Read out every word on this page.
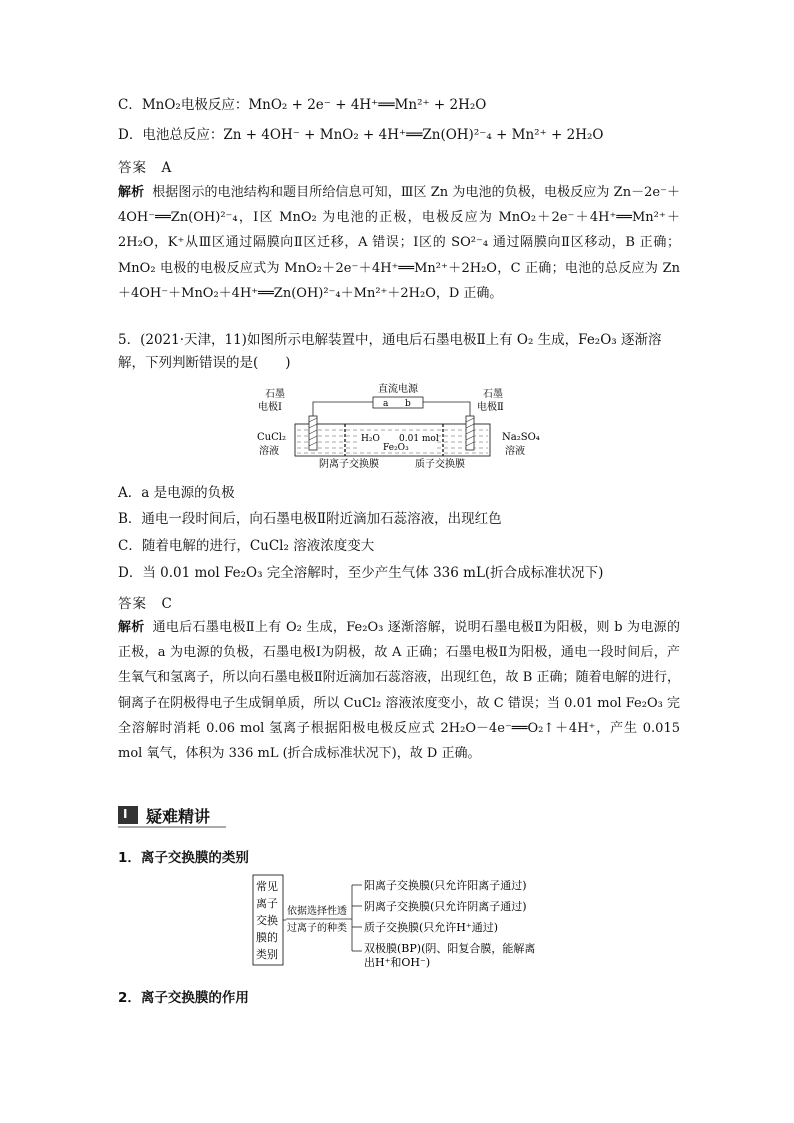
C．MnO₂电极反应：MnO₂ + 2e⁻ + 4H⁺══Mn²⁺ + 2H₂O
D．电池总反应：Zn + 4OH⁻ + MnO₂ + 4H⁺══Zn(OH)²⁻₄ + Mn²⁺ + 2H₂O
答案　A
解析 根据图示的电池结构和题目所给信息可知，Ⅲ区 Zn 为电池的负极，电极反应为 Zn－2e⁻＋4OH⁻══Zn(OH)²⁻₄，Ⅰ区 MnO₂ 为电池的正极，电极反应为 MnO₂＋2e⁻＋4H⁺══Mn²⁺＋2H₂O，K⁺从Ⅲ区通过隔膜向Ⅱ区迁移，A 错误；Ⅰ区的 SO²⁻₄ 通过隔膜向Ⅱ区移动，B 正确；MnO₂ 电极的电极反应式为 MnO₂＋2e⁻＋4H⁺══Mn²⁺＋2H₂O，C 正确；电池的总反应为 Zn＋4OH⁻＋MnO₂＋4H⁺══Zn(OH)²⁻₄＋Mn²⁺＋2H₂O，D 正确。
5．(2021·天津，11)如图所示电解装置中，通电后石墨电极Ⅱ上有 O₂ 生成，Fe₂O₃ 逐渐溶解，下列判断错误的是(　　)
直流电源
a b
石墨
电极Ⅰ
石墨
电极Ⅱ
H₂O 0.01 mol
Fe₂O₃
CuCl₂
溶液
Na₂SO₄
溶液
阴离子交换膜	质子交换膜
A．a 是电源的负极
B．通电一段时间后，向石墨电极Ⅱ附近滴加石蕊溶液，出现红色
C．随着电解的进行，CuCl₂ 溶液浓度变大
D．当 0.01 mol Fe₂O₃ 完全溶解时，至少产生气体 336 mL(折合成标准状况下)
答案　C
解析 通电后石墨电极Ⅱ上有 O₂ 生成，Fe₂O₃ 逐渐溶解，说明石墨电极Ⅱ为阳极，则 b 为电源的正极，a 为电源的负极，石墨电极Ⅰ为阴极，故 A 正确；石墨电极Ⅱ为阳极，通电一段时间后，产生氧气和氢离子，所以向石墨电极Ⅱ附近滴加石蕊溶液，出现红色，故 B 正确；随着电解的进行，铜离子在阴极得电子生成铜单质，所以 CuCl₂ 溶液浓度变小，故 C 错误；当 0.01 mol Fe₂O₃ 完全溶解时消耗 0.06 mol 氢离子根据阳极电极反应式 2H₂O－4e⁻══O₂↑＋4H⁺，产生 0.015 mol 氧气，体积为 336 mL (折合成标准状况下)，故 D 正确。
I 疑难精讲
1．离子交换膜的类别
常见
离子
交换
膜的
类别
依据选择性透
过离子的种类
阳离子交换膜(只允许阳离子通过)
阴离子交换膜(只允许阴离子通过)
质子交换膜(只允许H⁺通过)
双极膜(BP)(阴、阳复合膜，能解离
出H⁺和OH⁻)
2．离子交换膜的作用
